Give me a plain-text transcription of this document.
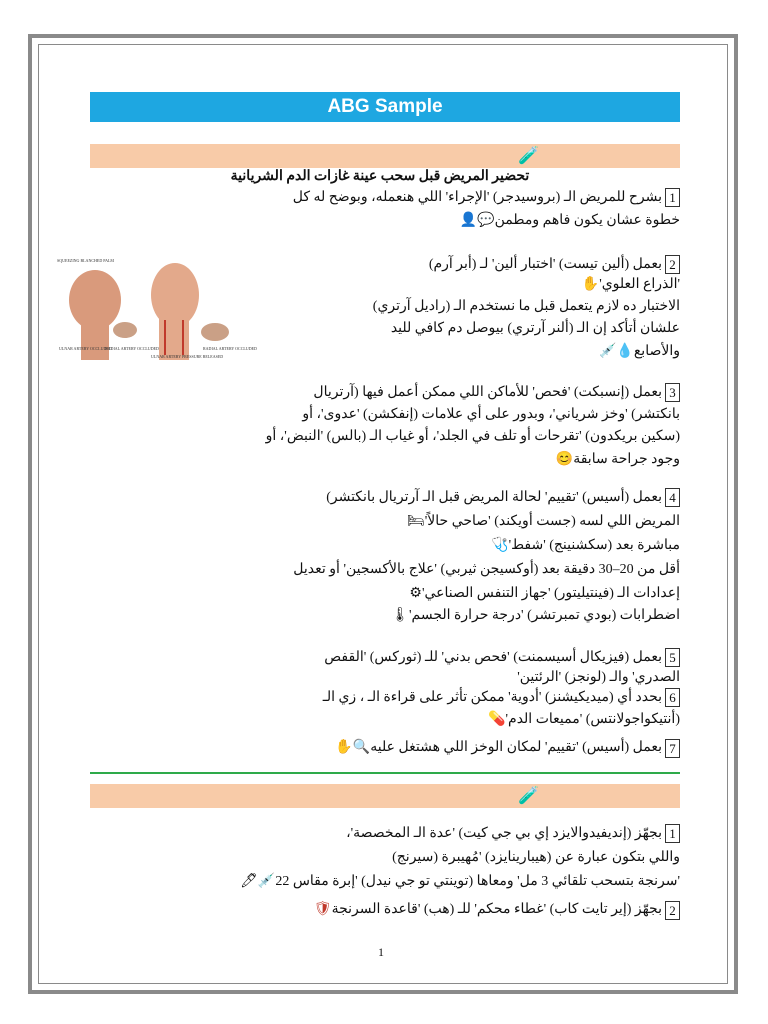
ABG Sample
🧪
تحضير المريض قبل سحب عينة غازات الدم الشريانية
1بشرح للمريض الـ (بروسيدجر) 'الإجراء' اللي هنعمله، وبوضح له كل
خطوة عشان يكون فاهم ومطمن💬👤
SQUEEZING BLANCHED PALM
ULNAR ARTERY OCCLUDED
RADIAL ARTERY OCCLUDED
ULNAR ARTERY PRESSURE RELEASED
RADIAL ARTERY OCCLUDED
2بعمل (ألين تيست) 'اختبار ألين' لـ (أبر آرم)
'الذراع العلوي'✋
الاختبار ده لازم يتعمل قبل ما نستخدم الـ (راديل آرتري)
علشان أتأكد إن الـ (ألنر آرتري) بيوصل دم كافي لليد
والأصابع💧💉
3بعمل (إنسبكت) 'فحص' للأماكن اللي ممكن أعمل فيها (آرتريال
بانكتشر) 'وخز شرياني'، وبدور على أي علامات (إنفكشن) 'عدوى'، أو
(سكين بريكدون) 'تقرحات أو تلف في الجلد'، أو غياب الـ (بالس) 'النبض'، أو
وجود جراحة سابقة😊
4بعمل (أسيس) 'تقييم' لحالة المريض قبل الـ آرتريال بانكتشر)
المريض اللي لسه (جست أويكند) 'صاحي حالاً'🛏
مباشرة بعد (سكشنينج) 'شفط'🩺
أقل من 20–30 دقيقة بعد (أوكسيجن ثيربي) 'علاج بالأكسجين' أو تعديل
إعدادات الـ (فينتيليتور) 'جهاز التنفس الصناعي'⚙
اضطرابات (بودي تمبرتشر) 'درجة حرارة الجسم'🌡
5بعمل (فيزيكال أسيسمنت) 'فحص بدني' للـ (ثوركس) 'القفص
الصدري' والـ (لونجز) 'الرئتين'
6بحدد أي (ميديكيشنز) 'أدوية' ممكن تأثر على قراءة الـ ، زي الـ
(أنتيكواجولانتس) 'مميعات الدم'💊
7بعمل (أسيس) 'تقييم' لمكان الوخز اللي هشتغل عليه🔍✋
🧪
1بجهّز (إنديفيدوالايزد إي بي جي كيت) 'عدة الـ المخصصة'،
واللي بتكون عبارة عن (هيبارينايزد) 'مُهيبرة (سيرنج)
'سرنجة بتسحب تلقائي 3 مل' ومعاها (توينتي تو جي نيدل) 'إبرة مقاس 22💉🖊
2بجهّز (إير تايت كاب) 'غطاء محكم' للـ (هب) 'قاعدة السرنجة🛡
1
